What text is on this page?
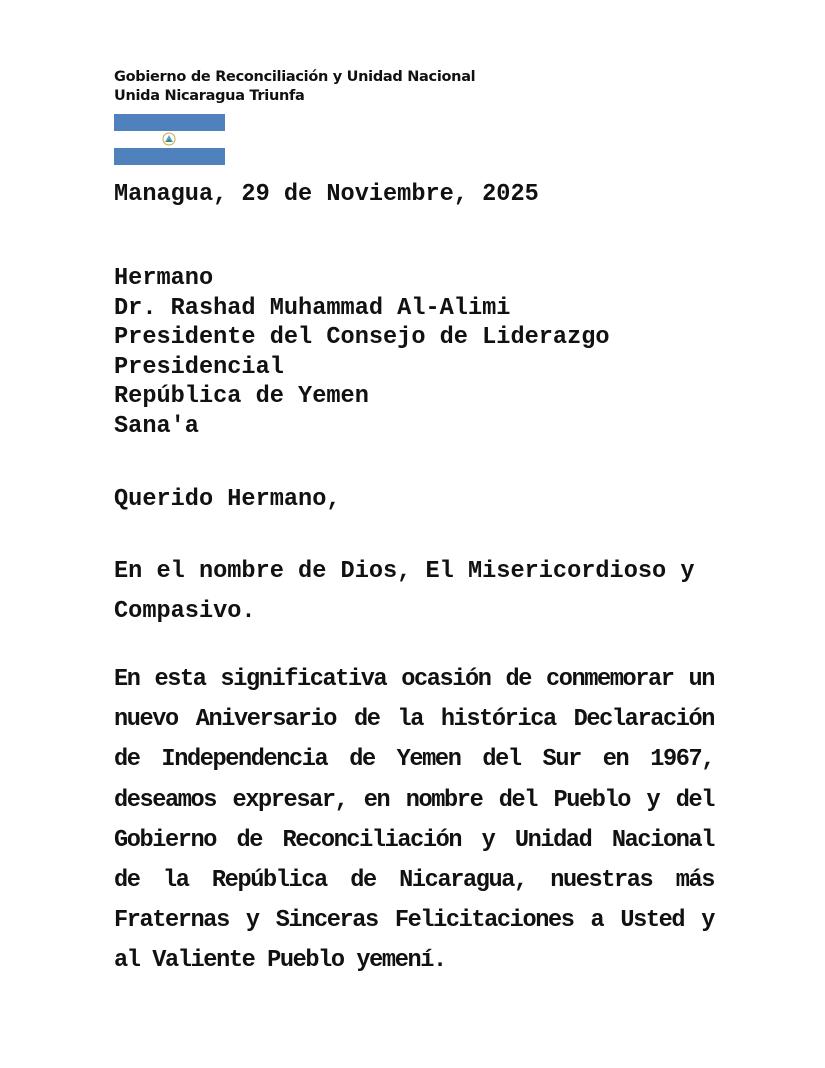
Gobierno de Reconciliación y Unidad Nacional
Unida Nicaragua Triunfa
Managua, 29 de Noviembre, 2025
Hermano
Dr. Rashad Muhammad Al-Alimi
Presidente del Consejo de Liderazgo
Presidencial
República de Yemen
Sana'a
Querido Hermano,
En el nombre de Dios, El Misericordioso y
Compasivo.
En esta significativa ocasión de conmemorar un
nuevo Aniversario de la histórica Declaración
de Independencia de Yemen del Sur en 1967,
deseamos expresar, en nombre del Pueblo y del
Gobierno de Reconciliación y Unidad Nacional
de la República de Nicaragua, nuestras más
Fraternas y Sinceras Felicitaciones a Usted y
al Valiente Pueblo yemení.
